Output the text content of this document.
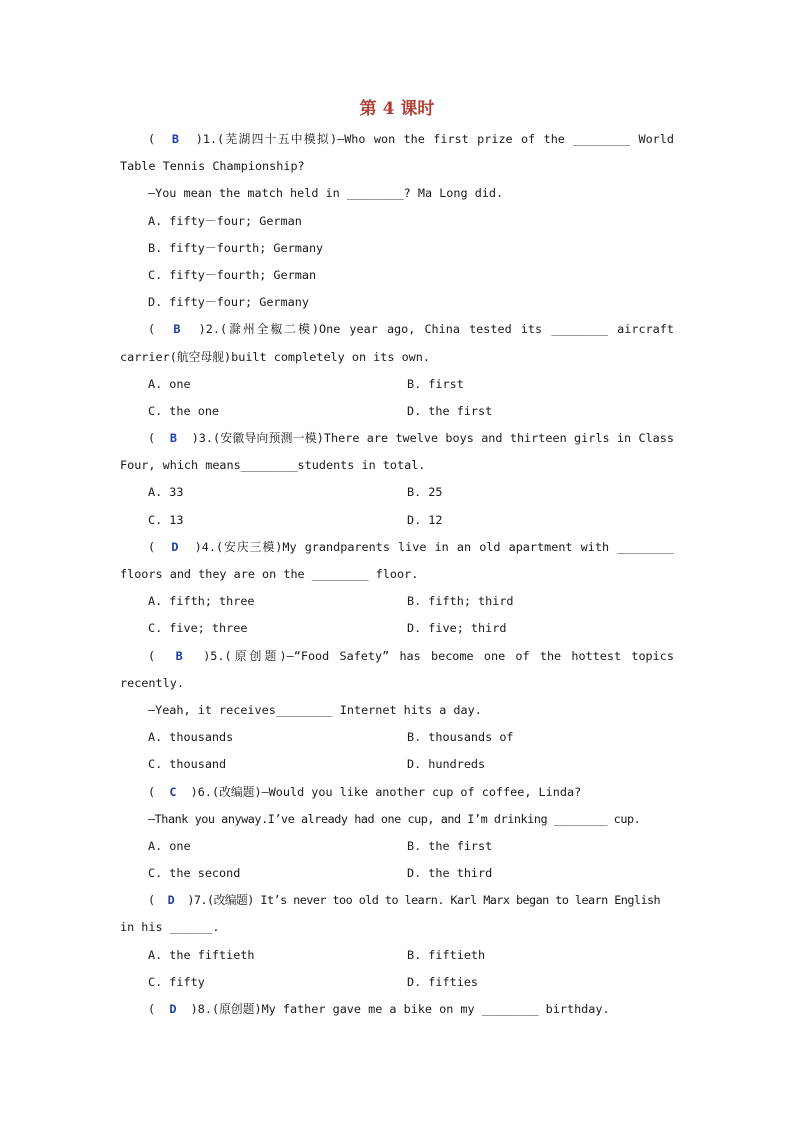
第 4 课时
( B )1.(芜湖四十五中模拟)—Who won the first prize of the ________ World
Table Tennis Championship?
—You mean the match held in ________? Ma Long did.
A. fifty－four; German
B. fifty－fourth; Germany
C. fifty－fourth; German
D. fifty－four; Germany
( B )2.(滁州全椒二模)One year ago, China tested its ________ aircraft
carrier(航空母舰)built completely on its own.
A. one	B. first
C. the one	D. the first
( B )3.(安徽导向预测一模)There are twelve boys and thirteen girls in Class
Four, which means________students in total.
A. 33	B. 25
C. 13	D. 12
( D )4.(安庆三模)My grandparents live in an old apartment with ________
floors and they are on the ________ floor.
A. fifth; three	B. fifth; third
C. five; three	D. five; third
( B )5.(原创题)—“Food Safety” has become one of the hottest topics
recently.
—Yeah, it receives________ Internet hits a day.
A. thousands	B. thousands of
C. thousand	D. hundreds
( C )6.(改编题)—Would you like another cup of coffee, Linda?
—Thank you anyway.I’ve already had one cup, and I’m drinking ________ cup.
A. one	B. the first
C. the second	D. the third
( D )7.(改编题) It’s never too old to learn. Karl Marx began to learn English
in his ______.
A. the fiftieth	B. fiftieth
C. fifty	D. fifties
( D )8.(原创题)My father gave me a bike on my ________ birthday.
